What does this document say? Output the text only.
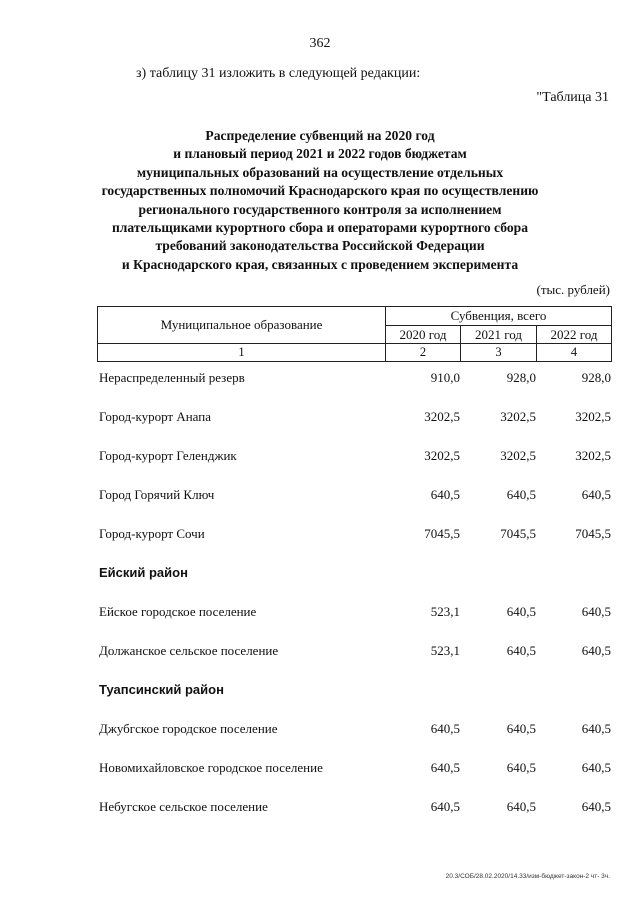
362
з) таблицу 31 изложить в следующей редакции:
"Таблица 31
Распределение субвенций на 2020 год
и плановый период 2021 и 2022 годов бюджетам
муниципальных образований на осуществление отдельных
государственных полномочий Краснодарского края по осуществлению
регионального государственного контроля за исполнением
плательщиками курортного сбора и операторами курортного сбора
требований законодательства Российской Федерации
и Краснодарского края, связанных с проведением эксперимента
(тыс. рублей)
Муниципальное образование	Субвенция, всего		
	2020 год	2021 год	2022 год
1	2	3	4
Нераспределенный резерв	910,0	928,0	928,0
Город-курорт Анапа	3202,5	3202,5	3202,5
Город-курорт Геленджик	3202,5	3202,5	3202,5
Город Горячий Ключ	640,5	640,5	640,5
Город-курорт Сочи	7045,5	7045,5	7045,5
Ейский район
Ейское городское поселение	523,1	640,5	640,5
Должанское сельское поселение	523,1	640,5	640,5
Туапсинский район
Джубгское городское поселение	640,5	640,5	640,5
Новомихайловское городское поселение	640,5	640,5	640,5
Небугское сельское поселение	640,5	640,5	640,5
20.3/СОБ/28.02.2020/14.33/изм-бюджет-закон-2 чт- 3ч.
